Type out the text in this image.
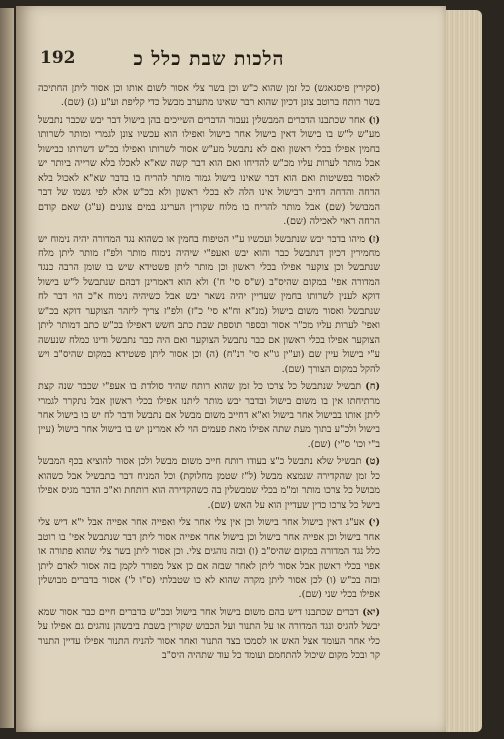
192	הלכות שבת כלל כ

(סקירין פיסגאגש) כל זמן שהוא כ"ש וכן בשר צלי אסור לשום אותו וכן אסור ליתן החתיכה בשר רותח ברוטב צונן דכיון שהוא רבר שאינו מתערב מבשל כדי קליפת וע"ע (ג) (שם).

(ו) אחר שכתבנו הדברים המבשלין נעבור הדברים השייכים בהן בישול דבר יבש שכבר נתבשל מע"ש ל"ש בו בישול דאין בישול אחר בישול ואפילו הוא עכשיו צונן לגמרי ומותר לשרותו בחמין אפילו בכלי ראשון ואם לא נתבשל מע"ש אסור לשרותו ואפילו בכ"ש דשרותו כבישול אבל מותר לערות עליו מכ"ש להדיחו ואם הוא דבר קשה שא"א לאכלו בלא שרייה ביותר יש לאסור בפשיטות ואם הוא דבר שאינו בישול גמור מותר להריח בו בדבר שא"א לאכול בלא הדחה והדחה דחיב רבישול אינו הלה לא בכלי ראשון ולא בכ"ש אלא לפי גשמו של דבר המבושל (שם) אבל מותר להריח בו מלוח שקורין הערינג במים צוננים (ע"ג) שאם קודם הרחה ראוי לאכילה (שם).

(ז) מיהו בדבר יבש שנתבשל ועכשיו ע"י הטיפוח בחמין או כשהוא נגד המדורה יהיה נימוח יש מחמירין דכיון דנתבשל כבר והוא יבש ואעפ"י שיהיה נימוח מותר ולפ"ז מותר ליתן מלח שנתבשל וכן צוקער אפילו בכלי ראשון וכן מותר ליתן פשטידא שיש בו שומן הרבה כנגד המדורה אפי' במקום שהיס"ב (ש"ס סי' ח') ולא הוא דאמרינן דבהם שנתבשל ל"ש בישול דוקא לענין לשרותו בחמין שעדיין יהיה נשאר יבש אבל כשיהיה נימוח א"כ הוי דבר לח שנתבשל ואסור משום בישול (מנ"א וח"א סי' כ"ז) ולפ"ז צריך ליזהר הצוקער דוקא בכ"ש ואפי' לערות עליו מכ"ר אסור ובספר תוספת שבת כתב חשש דאפילו בכ"ש כתב דמותר ליתן הצוקער אפילו בכלי ראשון אם כבר נתבשל הצוקער ואם היה כבר נתבשל ודינו כמלח שנעשה ע"י בישול עיין שם (וע"ין גו"א סי' רנ"ח) (ה) וכן אסור ליתן פשטידא במקום שהיס"ב ויש להקל במקום הצורך (שם).

(ח) תבשיל שנתבשל כל צרכו כל זמן שהוא רותח שהיד סולדת בו אעפ"י שכבר שנה קצת מרתיחתו אין בו משום בישול ובדבר יבש מותר ליתנו אפילו בכלי ראשון אבל נתקרר לגמרי ליתן אותו בבישול אחר בישול וא"א דחייב משום מבשל אם נתבשל ודבר לח יש בו בישול אחר בישול ולכ"ע בתוך מעת שתה אפילו מאת פעמים הוי לא אמרינן יש בו בישול אחר בישול (עיין ב"י וכו' ס"י) (שם).

(ט) תבשיל שלא נתבשל כ"צ בעודו רותח חייב משום מבשל ולכן אסור להוציא בכף המבשל כל זמן שהקדירה שנמצא מבשל (ל"ז שטמן מחלוקת) וכל המניח דבר בתבשיל אבל כשהוא מבושל כל צרכו מותר ומ"מ בכלי שמבשלין בה כשהקדירה הוא רותחת וא"כ הדבר מגיס אפילו בישל כל צרכו כדין שעדיין הוא על האש (שם).

(י) אע"ג דאין בישול אחר בישול וכן אין צלי אחר צלי ואפייה אחר אפייה אבל י"א דיש צלי אחר בישול וכן אפייה אחר בישול וכן בישול אחר אפייה אסור ליתן דבר שנתבשל אפי' בו רוטב כלל נגד המדורה במקום שהיס"ב (ו) ובזה נוהגים צלי. וכן אסור ליתן בשר צלי שהוא פתורה או אפוי בכלי ראשון אבל אסור ליתן לאחר שבזה אם כן אצל מפורר לקמן בזה אסור לאדם ליתן ובזה בכ"ש (ו) לכן אסור ליתן מקרה שהוא לא כו שטבלתי (ס"ו ל') אסור בדברים מבושלין אפילו בכלי שני (שם).

(יא) דברים שכתבנו דיש בהם משום בישול אחר בישול ובכ"ש בדברים חיים כבר אסור שמא יבשל להגיס ונגד המדורה או על התנור ועל הכבוש שקורין בשבת ביבשהן נוהגים גם אפילו על כלי אחר העומד אצל האש או לסמכו בצד התנור ואחר אסור להניח התנור אפילו עדיין התנור קר ובכל מקום שיכול להתחמם ועומד כל עוד שתהיה היס"ב
